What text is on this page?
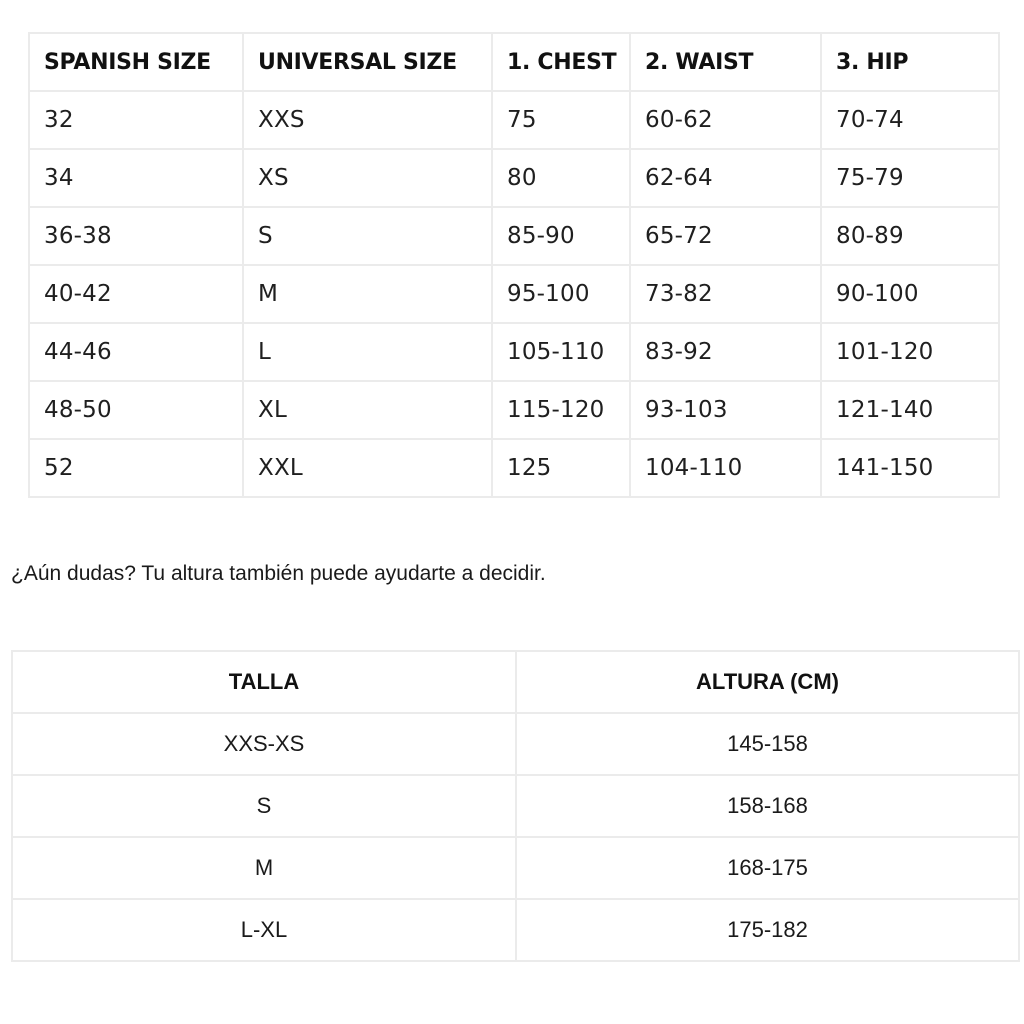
SPANISH SIZE	UNIVERSAL SIZE	1. CHEST	2. WAIST	3. HIP
32	XXS	75	60-62	70-74
34	XS	80	62-64	75-79
36-38	S	85-90	65-72	80-89
40-42	M	95-100	73-82	90-100
44-46	L	105-110	83-92	101-120
48-50	XL	115-120	93-103	121-140
52	XXL	125	104-110	141-150
¿Aún dudas? Tu altura también puede ayudarte a decidir.
TALLA	ALTURA (CM)
XXS-XS	145-158
S	158-168
M	168-175
L-XL	175-182
